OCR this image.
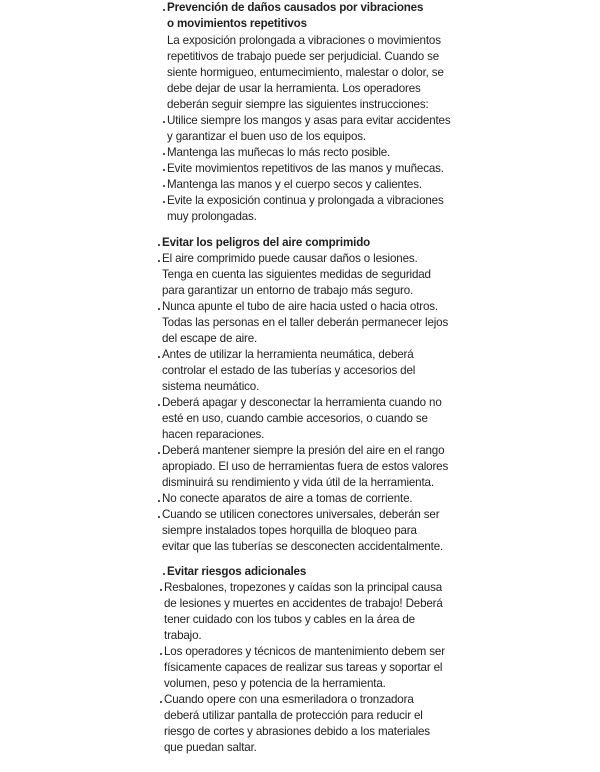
Prevención de daños causados por vibraciones
o movimientos repetitivos
La exposición prolongada a vibraciones o movimientos
repetitivos de trabajo puede ser perjudicial. Cuando se
siente hormigueo, entumecimiento, malestar o dolor, se
debe dejar de usar la herramienta. Los operadores
deberán seguir siempre las siguientes instrucciones:
Utilice siempre los mangos y asas para evitar accidentes
y garantizar el buen uso de los equipos.
Mantenga las muñecas lo más recto posible.
Evite movimientos repetitivos de las manos y muñecas.
Mantenga las manos y el cuerpo secos y calientes.
Evite la exposición continua y prolongada a vibraciones
muy prolongadas.
Evitar los peligros del aire comprimido
El aire comprimido puede causar daños o lesiones.
Tenga en cuenta las siguientes medidas de seguridad
para garantizar un entorno de trabajo más seguro.
Nunca apunte el tubo de aire hacia usted o hacia otros.
Todas las personas en el taller deberán permanecer lejos
del escape de aire.
Antes de utilizar la herramienta neumática, deberá
controlar el estado de las tuberías y accesorios del
sistema neumático.
Deberá apagar y desconectar la herramienta cuando no
esté en uso, cuando cambie accesorios, o cuando se
hacen reparaciones.
Deberá mantener siempre la presión del aire en el rango
apropiado. El uso de herramientas fuera de estos valores
disminuirá su rendimiento y vida útil de la herramienta.
No conecte aparatos de aire a tomas de corriente.
Cuando se utilicen conectores universales, deberán ser
siempre instalados topes horquilla de bloqueo para
evitar que las tuberías se desconecten accidentalmente.
Evitar riesgos adicionales
Resbalones, tropezones y caídas son la principal causa
de lesiones y muertes en accidentes de trabajo! Deberá
tener cuidado con los tubos y cables en la área de
trabajo.
Los operadores y técnicos de mantenimiento debem ser
físicamente capaces de realizar sus tareas y soportar el
volumen, peso y potencia de la herramienta.
Cuando opere con una esmeriladora o tronzadora
deberá utilizar pantalla de protección para reducir el
riesgo de cortes y abrasiones debido a los materiales
que puedan saltar.
